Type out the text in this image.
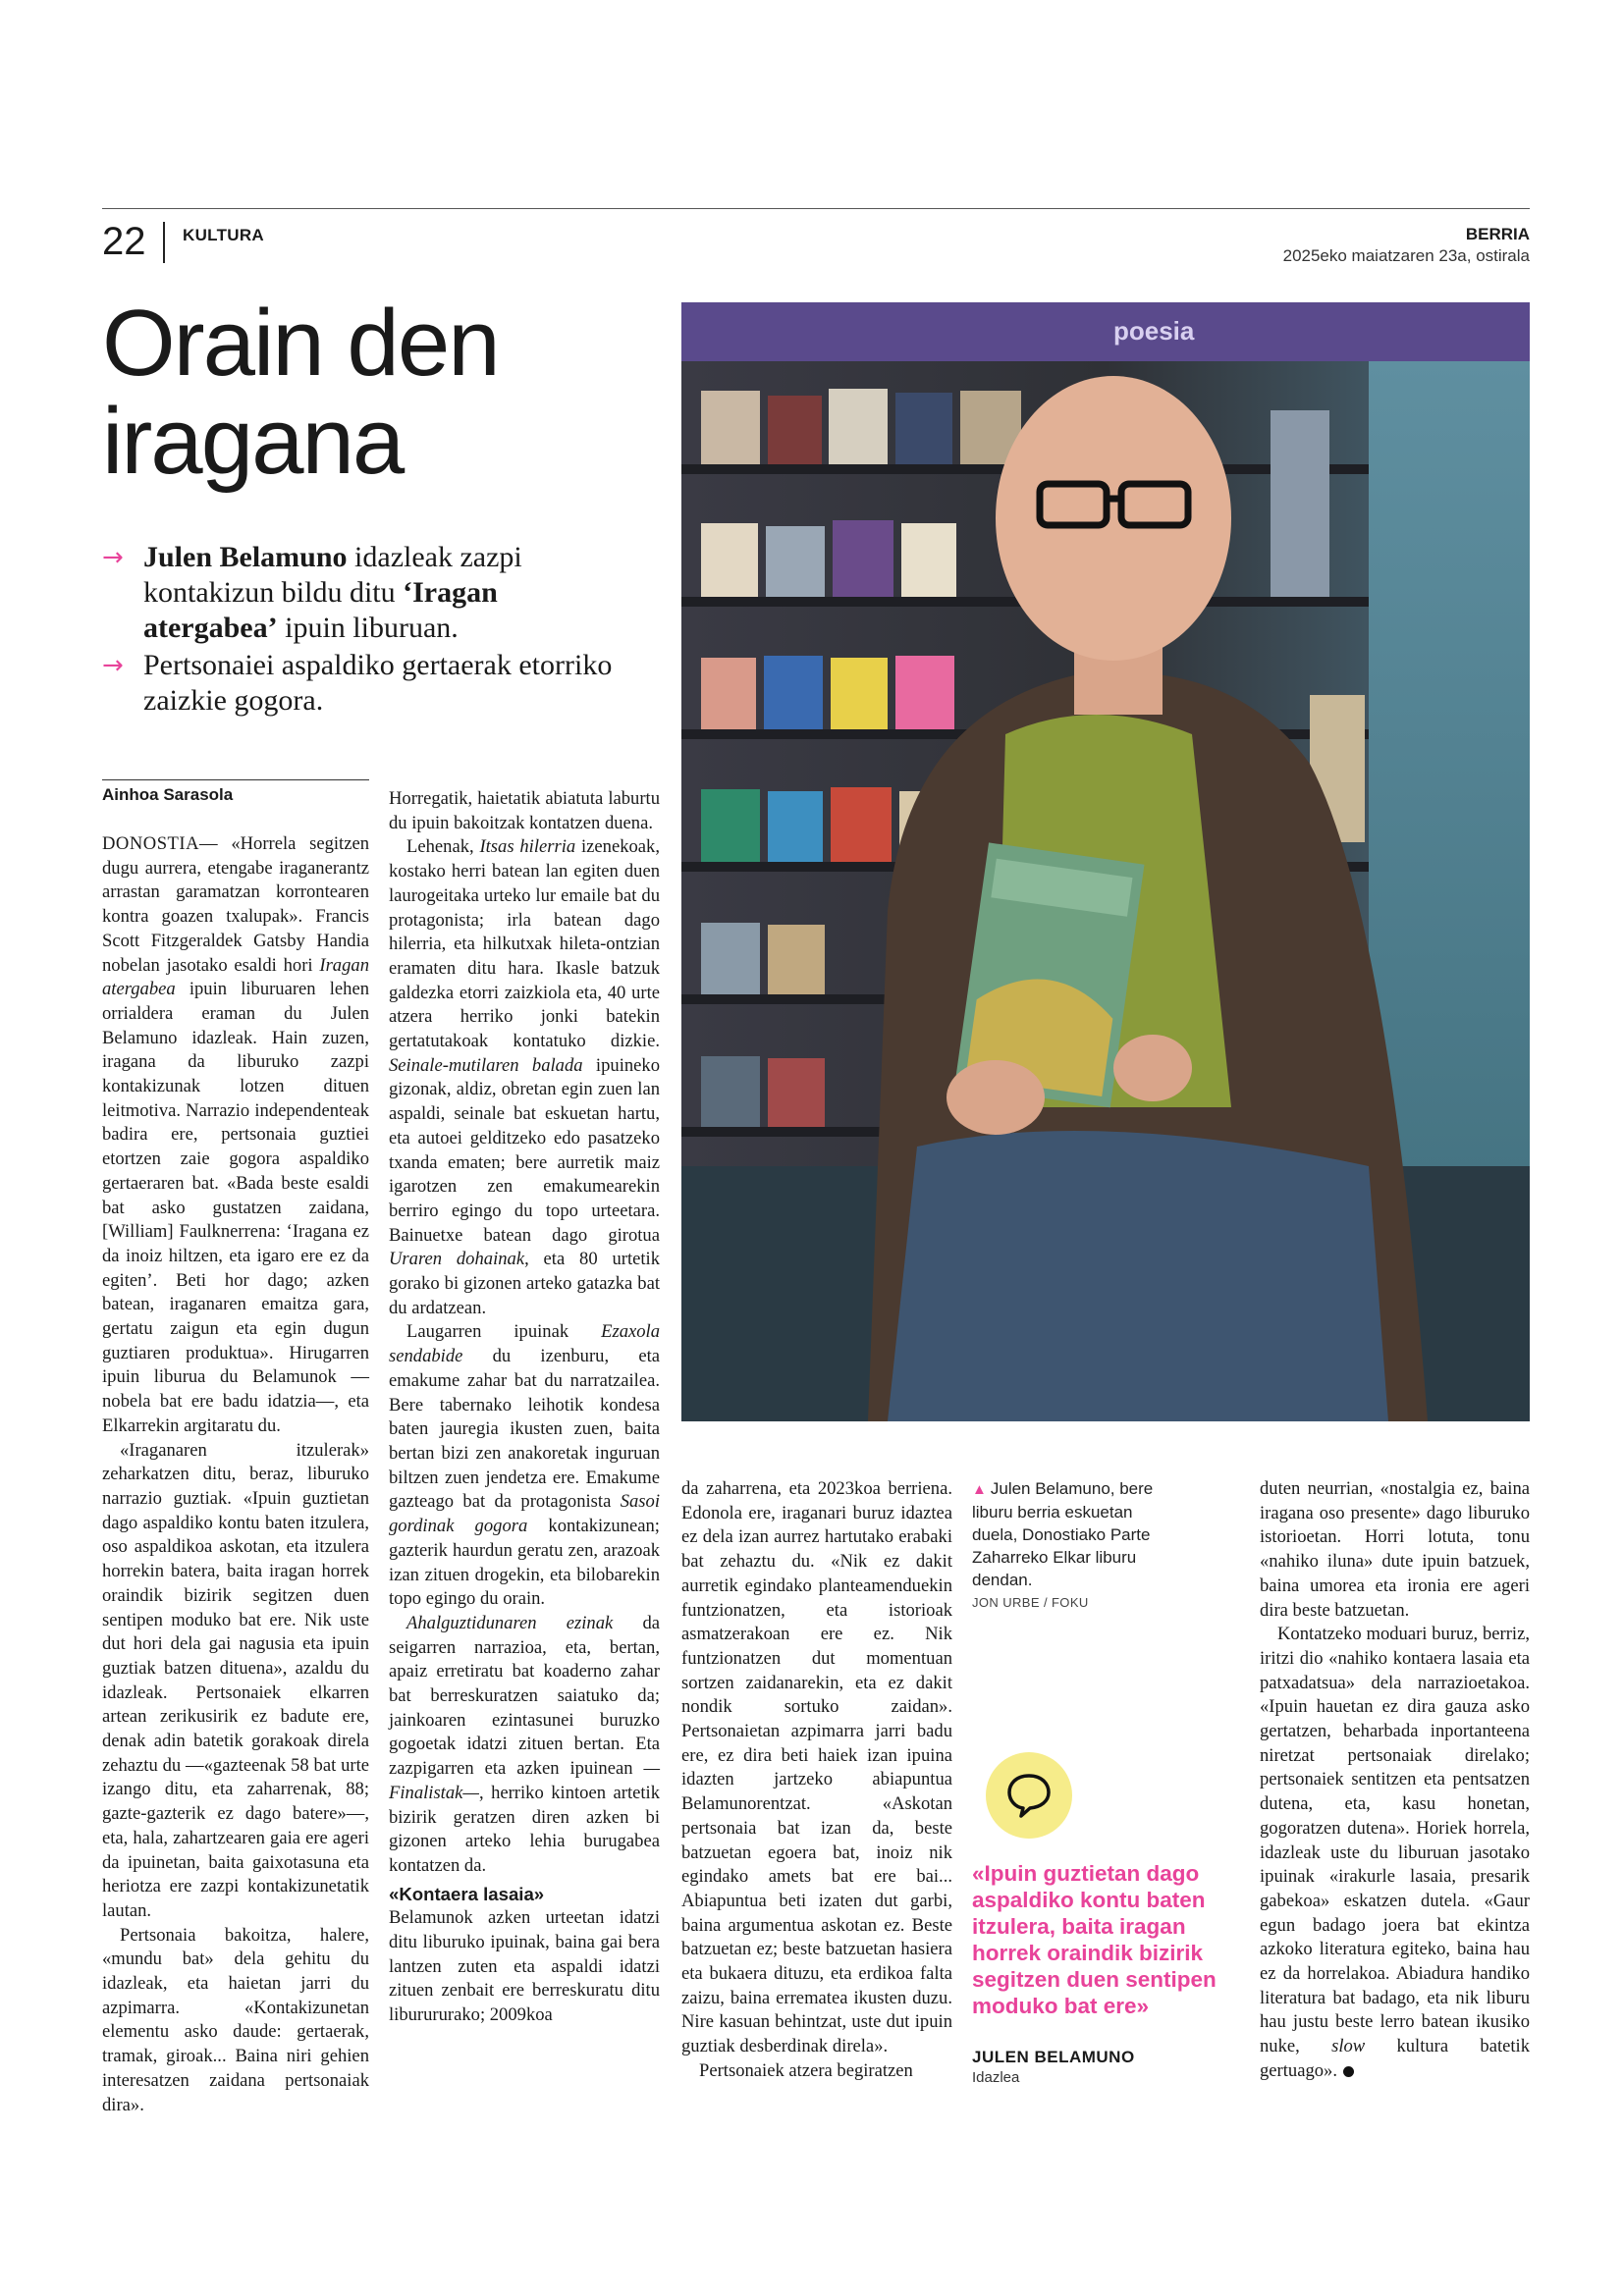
22 KULTURA	BERRIA
2025eko maiatzaren 23a, ostirala
Orain den iragana
→ Julen Belamuno idazleak zazpi kontakizun bildu ditu ‘Iragan atergabea’ ipuin liburuan.
→ Pertsonaiei aspaldiko gertaerak etorriko zaizkie gogora.
Ainhoa Sarasola

DONOSTIA— «Horrela segitzen dugu aurrera, etengabe iraganerantz arrastan garamatzan korrontearen kontra goazen txalupak». Francis Scott Fitzgeraldek Gatsby Handia nobelan jasotako esaldi hori Iragan atergabea ipuin liburuaren lehen orrialdera eraman du Julen Belamuno idazleak. Hain zuzen, iragana da liburuko zazpi kontakizunak lotzen dituen leitmotiva. Narrazio independenteak badira ere, pertsonaia guztiei etortzen zaie gogora aspaldiko gertaeraren bat. «Bada beste esaldi bat asko gustatzen zaidana, [William] Faulknerrena: ‘Iragana ez da inoiz hiltzen, eta igaro ere ez da egiten’. Beti hor dago; azken batean, iraganaren emaitza gara, gertatu zaigun eta egin dugun guztiaren produktua». Hirugarren ipuin liburua du Belamunok —nobela bat ere badu idatzia—, eta Elkarrekin argitaratu du.

«Iraganaren itzulerak» zeharkatzen ditu, beraz, liburuko narrazio guztiak. «Ipuin guztietan dago aspaldiko kontu baten itzulera, oso aspaldikoa askotan, eta itzulera horrekin batera, baita iragan horrek oraindik bizirik segitzen duen sentipen moduko bat ere. Nik uste dut hori dela gai nagusia eta ipuin guztiak batzen dituena», azaldu du idazleak. Pertsonaiek elkarren artean zerikusirik ez badute ere, denak adin batetik gorakoak direla zehaztu du —«gazteenak 58 bat urte izango ditu, eta zaharrenak, 88; gazte-gazterik ez dago batere»—, eta, hala, zahartzearen gaia ere ageri da ipuinetan, baita gaixotasuna eta heriotza ere zazpi kontakizunetatik lautan.

Pertsonaia bakoitza, halere, «mundu bat» dela gehitu du idazleak, eta haietan jarri du azpimarra. «Kontakizunetan elementu asko daude: gertaerak, tramak, giroak... Baina niri gehien interesatzen zaidana pertsonaiak dira».

Horregatik, haietatik abiatuta laburtu du ipuin bakoitzak kontatzen duena.

Lehenak, Itsas hilerria izenekoak, kostako herri batean lan egiten duen laurogeitaka urteko lur emaile bat du protagonista; irla batean dago hilerria, eta hilkutxak hileta-ontzian eramaten ditu hara. Ikasle batzuk galdezka etorri zaizkiola eta, 40 urte atzera herriko jonki batekin gertatutakoak kontatuko dizkie. Seinale-mutilaren balada ipuineko gizonak, aldiz, obretan egin zuen lan aspaldi, seinale bat eskuetan hartu, eta autoei gelditzeko edo pasatzeko txanda ematen; bere aurretik maiz igarotzen zen emakumearekin berriro egingo du topo urteetara. Bainuetxe batean dago girotua Uraren dohainak, eta 80 urtetik gorako bi gizonen arteko gatazka bat du ardatzean.

Laugarren ipuinak Ezaxola sendabide du izenburu, eta emakume zahar bat du narratzailea. Bere tabernako leihotik kondesa baten jauregia ikusten zuen, baita bertan bizi zen anakoretak inguruan biltzen zuen jendetza ere. Emakume gazteago bat da protagonista Sasoi gordinak gogora kontakizunean; gazterik haurdun geratu zen, arazoak izan zituen drogekin, eta bilobarekin topo egingo du orain.

Ahalguztidunaren ezinak da seigarren narrazioa, eta, bertan, apaiz erretiratu bat koaderno zahar bat berreskuratzen saiatuko da; jainkoaren ezintasunei buruzko gogoetak idatzi zituen bertan. Eta zazpigarren eta azken ipuinean —Finalistak—, herriko kintoen artetik bizirik geratzen diren azken bi gizonen arteko lehia burugabea kontatzen da.

«Kontaera lasaia»

Belamunok azken urteetan idatzi ditu liburuko ipuinak, baina gai bera lantzen zuten eta aspaldi idatzi zituen zenbait ere berreskuratu ditu liburururako; 2009koa

poesia
▲ Julen Belamuno, bere liburu berria eskuetan duela, Donostiako Parte Zaharreko Elkar liburu dendan.
JON URBE / FOKU

da zaharrena, eta 2023koa berriena. Edonola ere, iraganari buruz idaztea ez dela izan aurrez hartutako erabaki bat zehaztu du. «Nik ez dakit aurretik egindako planteamenduekin funtzionatzen, eta istorioak asmatzerakoan ere ez. Nik funtzionatzen dut momentuan sortzen zaidanarekin, eta ez dakit nondik sortuko zaidan». Pertsonaietan azpimarra jarri badu ere, ez dira beti haiek izan ipuina idazten jartzeko abiapuntua Belamunorentzat. «Askotan pertsonaia bat izan da, beste batzuetan egoera bat, inoiz nik egindako amets bat ere bai... Abiapuntua beti izaten dut garbi, baina argumentua askotan ez. Beste batzuetan ez; beste batzuetan hasiera eta bukaera dituzu, eta erdikoa falta zaizu, baina errematea ikusten duzu. Nire kasuan behintzat, uste dut ipuin guztiak desberdinak direla».

Pertsonaiek atzera begiratzen

«Ipuin guztietan dago aspaldiko kontu baten itzulera, baita iragan horrek oraindik bizirik segitzen duen sentipen moduko bat ere»
JULEN BELAMUNO
Idazlea

duten neurrian, «nostalgia ez, baina iragana oso presente» dago liburuko istorioetan. Horri lotuta, tonu «nahiko iluna» dute ipuin batzuek, baina umorea eta ironia ere ageri dira beste batzuetan.

Kontatzeko moduari buruz, berriz, iritzi dio «nahiko kontaera lasaia eta patxadatsua» dela narrazioetakoa. «Ipuin hauetan ez dira gauza asko gertatzen, beharbada inportanteena niretzat pertsonaiak direlako; pertsonaiek sentitzen eta pentsatzen dutena, eta, kasu honetan, gogoratzen dutena». Horiek horrela, idazleak uste du liburuan jasotako ipuinak «irakurle lasaia, presarik gabekoa» eskatzen dutela. «Gaur egun badago joera bat ekintza azkoko literatura egiteko, baina hau ez da horrelakoa. Abiadura handiko literatura bat badago, eta nik liburu hau justu beste lerro batean ikusiko nuke, slow kultura batetik gertuago».
